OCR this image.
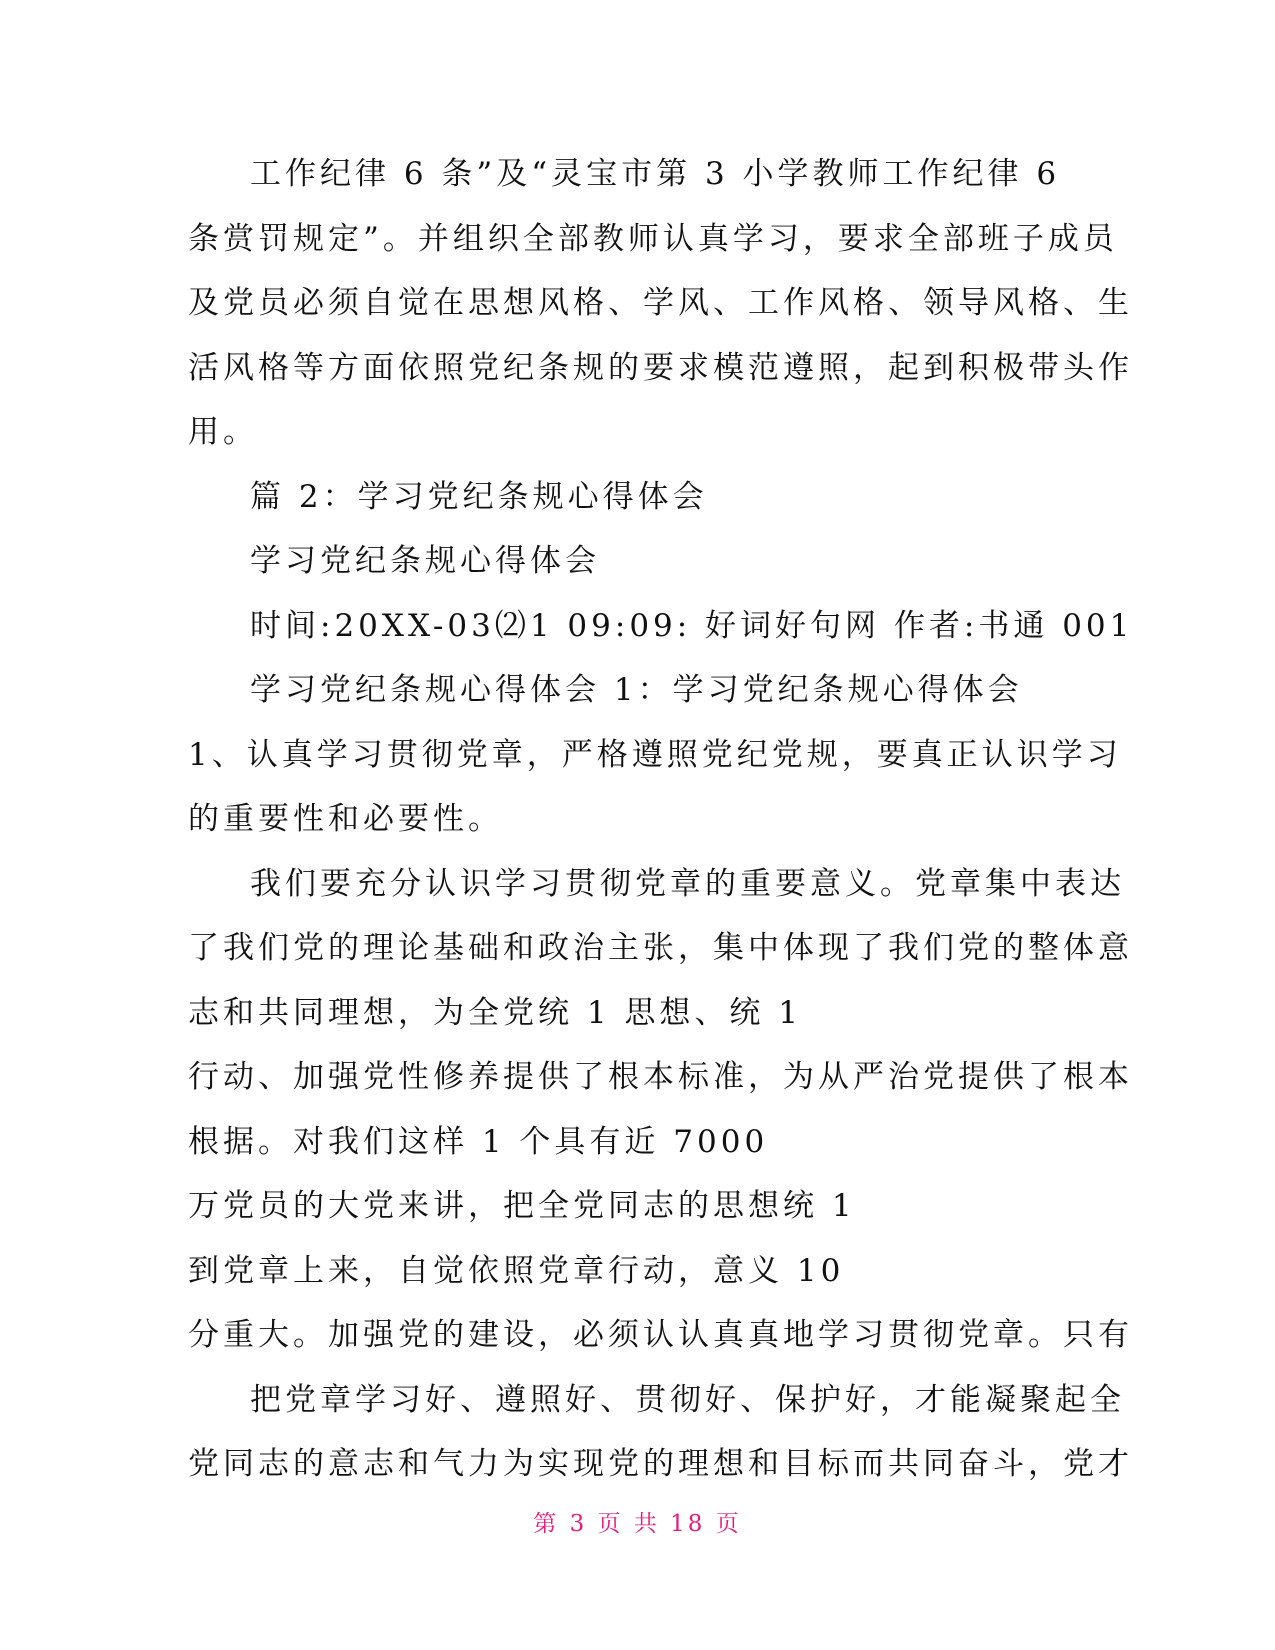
工作纪律 6 条”及“灵宝市第 3 小学教师工作纪律 6
条赏罚规定”。并组织全部教师认真学习，要求全部班子成员
及党员必须自觉在思想风格、学风、工作风格、领导风格、生
活风格等方面依照党纪条规的要求模范遵照，起到积极带头作
用。
篇 2：学习党纪条规心得体会
学习党纪条规心得体会
时间:20XX-03⑵1 09:09: 好词好句网 作者:书通 001
学习党纪条规心得体会 1：学习党纪条规心得体会
1、认真学习贯彻党章，严格遵照党纪党规，要真正认识学习
的重要性和必要性。
我们要充分认识学习贯彻党章的重要意义。党章集中表达
了我们党的理论基础和政治主张，集中体现了我们党的整体意
志和共同理想，为全党统 1 思想、统 1
行动、加强党性修养提供了根本标准，为从严治党提供了根本
根据。对我们这样 1 个具有近 7000
万党员的大党来讲，把全党同志的思想统 1
到党章上来，自觉依照党章行动，意义 10
分重大。加强党的建设，必须认认真真地学习贯彻党章。只有
把党章学习好、遵照好、贯彻好、保护好，才能凝聚起全
党同志的意志和气力为实现党的理想和目标而共同奋斗，党才
第 3 页 共 18 页
